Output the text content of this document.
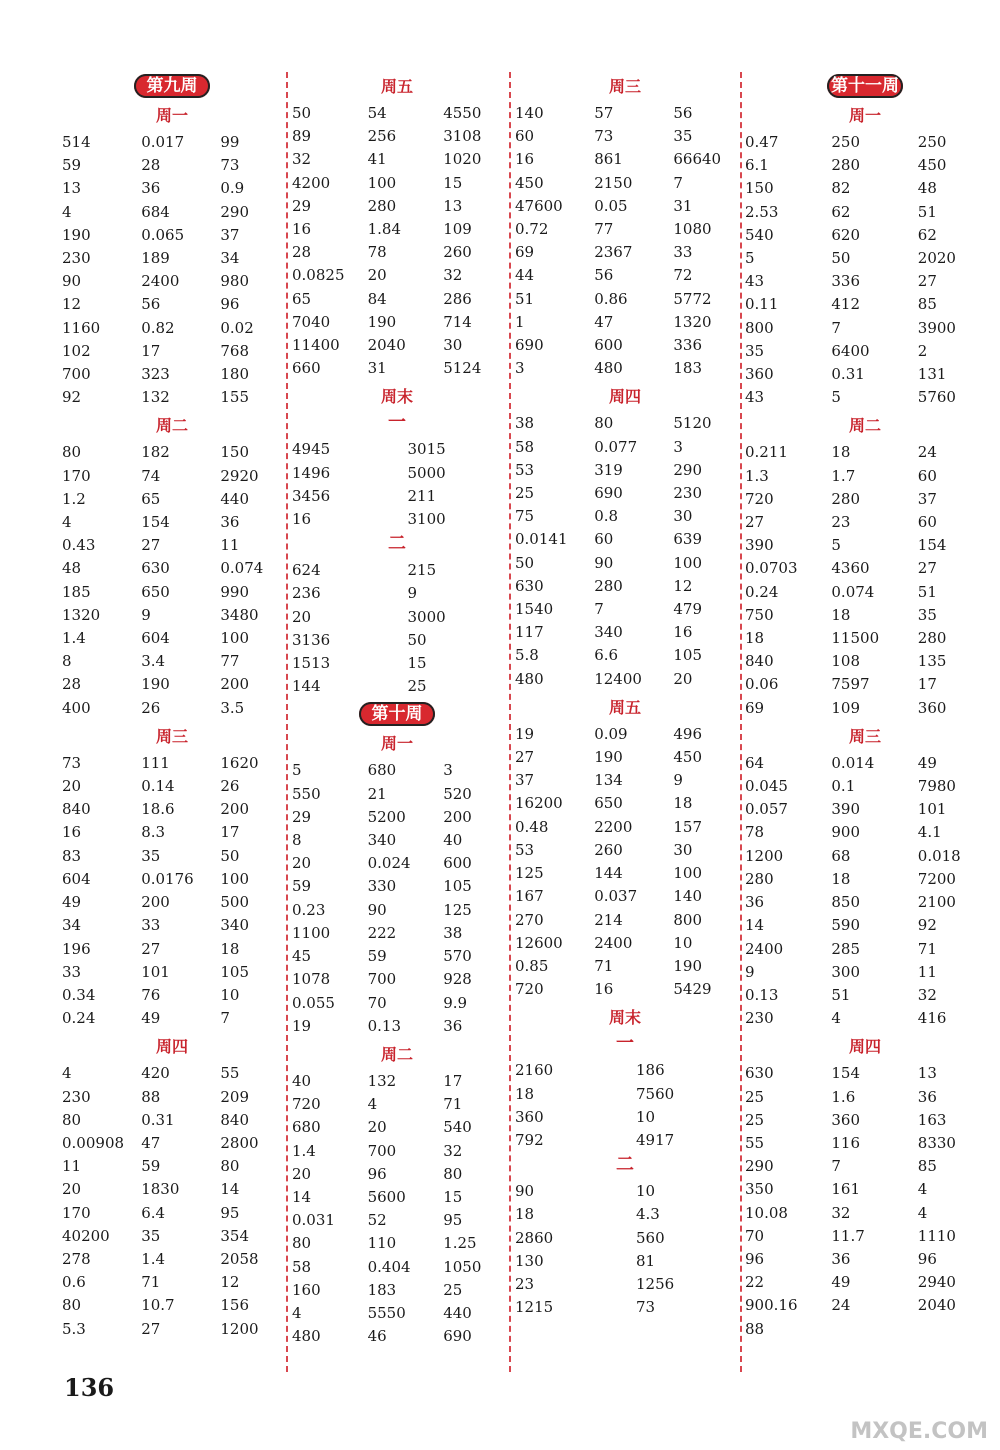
第九周
周一
514	0.017	99
59	28	73
13	36	0.9
4	684	290
190	0.065	37
230	189	34
90	2400	980
12	56	96
1160	0.82	0.02
102	17	768
700	323	180
92	132	155
周二
80	182	150
170	74	2920
1.2	65	440
4	154	36
0.43	27	11
48	630	0.074
185	650	990
1320	9	3480
1.4	604	100
8	3.4	77
28	190	200
400	26	3.5
周三
73	111	1620
20	0.14	26
840	18.6	200
16	8.3	17
83	35	50
604	0.0176	100
49	200	500
34	33	340
196	27	18
33	101	105
0.34	76	10
0.24	49	7
周四
4	420	55
230	88	209
80	0.31	840
0.00908	47	2800
11	59	80
20	1830	14
170	6.4	95
40200	35	354
278	1.4	2058
0.6	71	12
80	10.7	156
5.3	27	1200
周五
50	54	4550
89	256	3108
32	41	1020
4200	100	15
29	280	13
16	1.84	109
28	78	260
0.0825	20	32
65	84	286
7040	190	714
11400	2040	30
660	31	5124
周末
一
4945	3015
1496	5000
3456	211
16	3100
二
624	215
236	9
20	3000
3136	50
1513	15
144	25
第十周
周一
5	680	3
550	21	520
29	5200	200
8	340	40
20	0.024	600
59	330	105
0.23	90	125
1100	222	38
45	59	570
1078	700	928
0.055	70	9.9
19	0.13	36
周二
40	132	17
720	4	71
680	20	540
1.4	700	32
20	96	80
14	5600	15
0.031	52	95
80	110	1.25
58	0.404	1050
160	183	25
4	5550	440
480	46	690
周三
140	57	56
60	73	35
16	861	66640
450	2150	7
47600	0.05	31
0.72	77	1080
69	2367	33
44	56	72
51	0.86	5772
1	47	1320
690	600	336
3	480	183
周四
38	80	5120
58	0.077	3
53	319	290
25	690	230
75	0.8	30
0.0141	60	639
50	90	100
630	280	12
1540	7	479
117	340	16
5.8	6.6	105
480	12400	20
周五
19	0.09	496
27	190	450
37	134	9
16200	650	18
0.48	2200	157
53	260	30
125	144	100
167	0.037	140
270	214	800
12600	2400	10
0.85	71	190
720	16	5429
周末
一
2160	186
18	7560
360	10
792	4917
二
90	10
18	4.3
2860	560
130	81
23	1256
1215	73
第十一周
周一
0.47	250	250
6.1	280	450
150	82	48
2.53	62	51
540	620	62
5	50	2020
43	336	27
0.11	412	85
800	7	3900
35	6400	2
360	0.31	131
43	5	5760
周二
0.211	18	24
1.3	1.7	60
720	280	37
27	23	60
390	5	154
0.0703	4360	27
0.24	0.074	51
750	18	35
18	11500	280
840	108	135
0.06	7597	17
69	109	360
周三
64	0.014	49
0.045	0.1	7980
0.057	390	101
78	900	4.1
1200	68	0.018
280	18	7200
36	850	2100
14	590	92
2400	285	71
9	300	11
0.13	51	32
230	4	416
周四
630	154	13
25	1.6	36
25	360	163
55	116	8330
290	7	85
350	161	4
10.08	32	4
70	11.7	1110
96	36	96
22	49	2940
900.16	24	2040
88		
136
MXQE.COM
